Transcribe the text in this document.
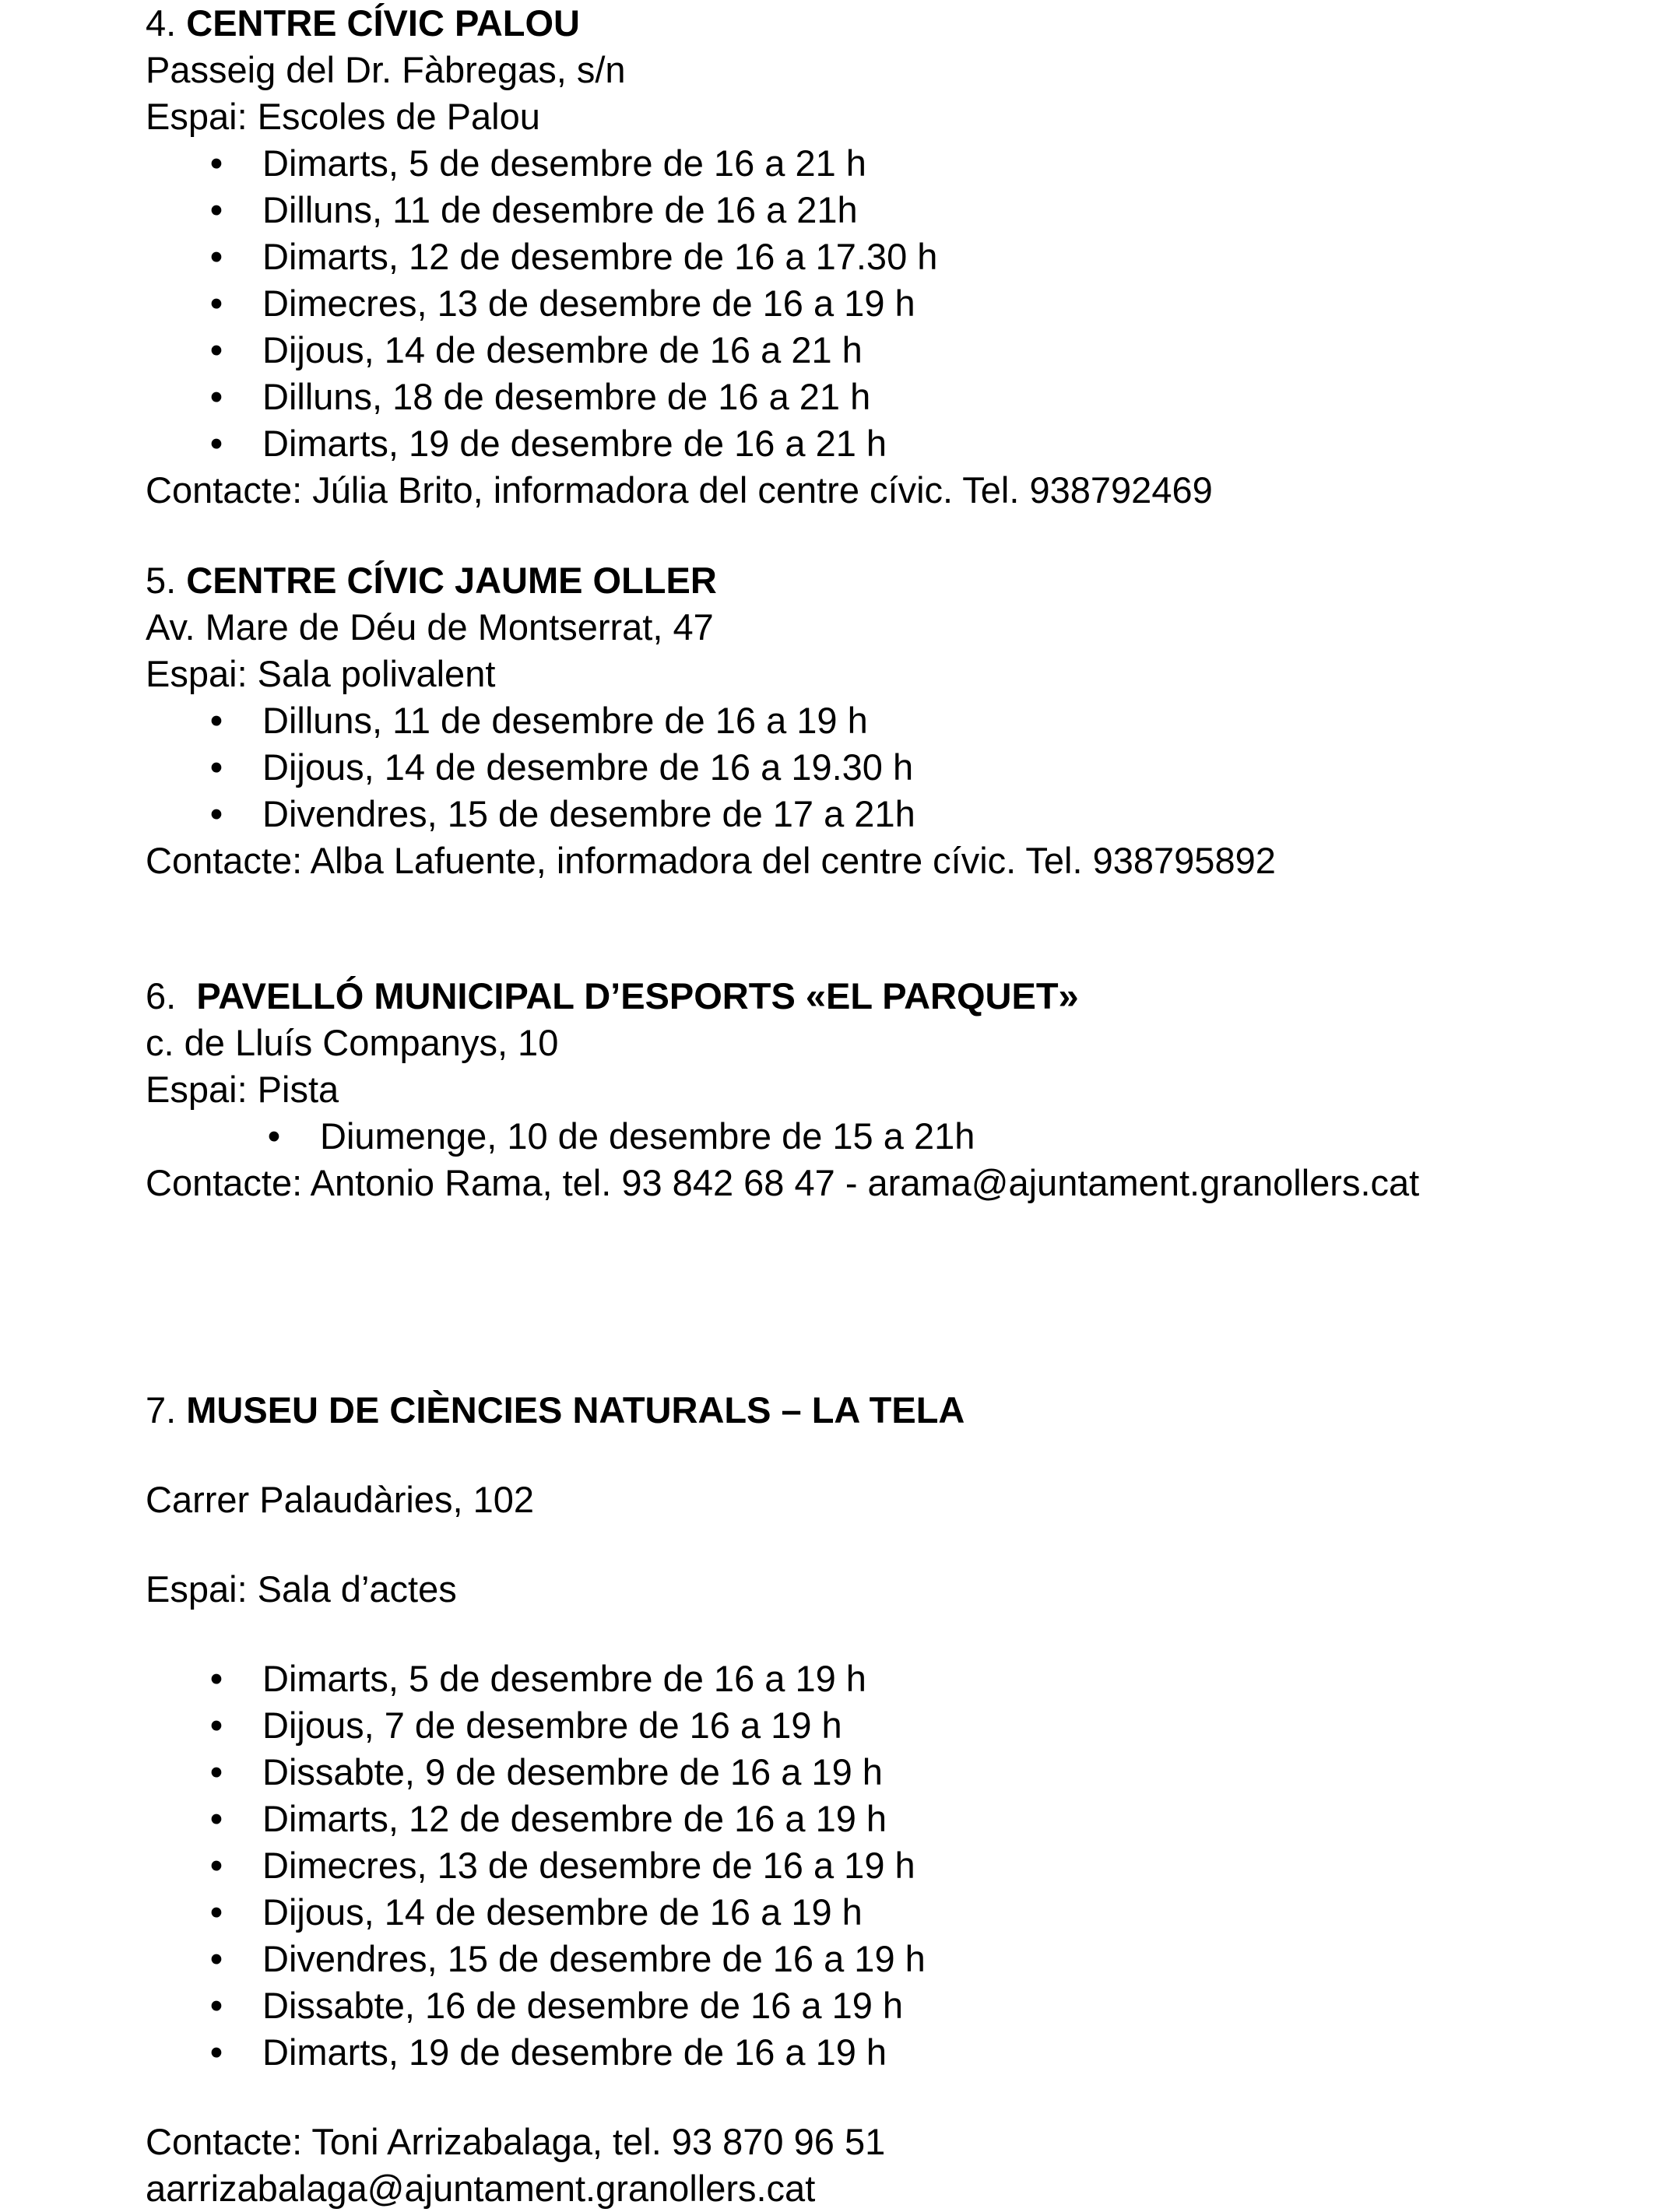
4. CENTRE CÍVIC PALOU
Passeig del Dr. Fàbregas, s/n
Espai: Escoles de Palou
• Dimarts, 5 de desembre de 16 a 21 h
• Dilluns, 11 de desembre de 16 a 21h
• Dimarts, 12 de desembre de 16 a 17.30 h
• Dimecres, 13 de desembre de 16 a 19 h
• Dijous, 14 de desembre de 16 a 21 h
• Dilluns, 18 de desembre de 16 a 21 h
• Dimarts, 19 de desembre de 16 a 21 h
Contacte: Júlia Brito, informadora del centre cívic. Tel. 938792469
5. CENTRE CÍVIC JAUME OLLER
Av. Mare de Déu de Montserrat, 47
Espai: Sala polivalent
• Dilluns, 11 de desembre de 16 a 19 h
• Dijous, 14 de desembre de 16 a 19.30 h
• Divendres, 15 de desembre de 17 a 21h
Contacte: Alba Lafuente, informadora del centre cívic. Tel. 938795892
6. PAVELLÓ MUNICIPAL D’ESPORTS «EL PARQUET»
c. de Lluís Companys, 10
Espai: Pista
• Diumenge, 10 de desembre de 15 a 21h
Contacte: Antonio Rama, tel. 93 842 68 47 - arama@ajuntament.granollers.cat
7. MUSEU DE CIÈNCIES NATURALS – LA TELA
Carrer Palaudàries, 102
Espai: Sala d’actes
• Dimarts, 5 de desembre de 16 a 19 h
• Dijous, 7 de desembre de 16 a 19 h
• Dissabte, 9 de desembre de 16 a 19 h
• Dimarts, 12 de desembre de 16 a 19 h
• Dimecres, 13 de desembre de 16 a 19 h
• Dijous, 14 de desembre de 16 a 19 h
• Divendres, 15 de desembre de 16 a 19 h
• Dissabte, 16 de desembre de 16 a 19 h
• Dimarts, 19 de desembre de 16 a 19 h
Contacte: Toni Arrizabalaga, tel. 93 870 96 51
aarrizabalaga@ajuntament.granollers.cat
